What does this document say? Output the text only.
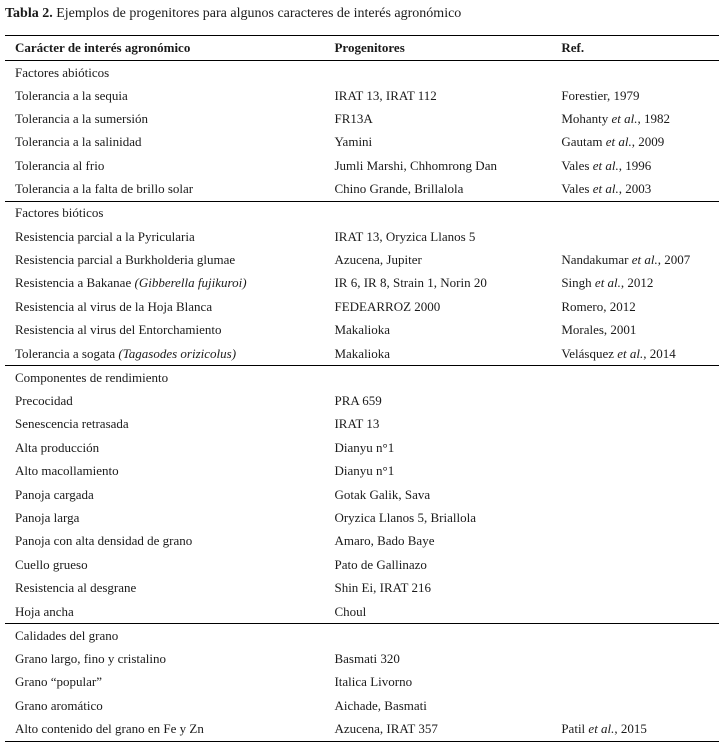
Tabla 2. Ejemplos de progenitores para algunos caracteres de interés agronómico
Carácter de interés agronómico	Progenitores	Ref.
Factores abióticos		
Tolerancia a la sequia	IRAT 13, IRAT 112	Forestier, 1979
Tolerancia a la sumersión	FR13A	Mohanty et al., 1982
Tolerancia a la salinidad	Yamini	Gautam et al., 2009
Tolerancia al frio	Jumli Marshi, Chhomrong Dan	Vales et al., 1996
Tolerancia a la falta de brillo solar	Chino Grande, Brillalola	Vales et al., 2003
Factores bióticos		
Resistencia parcial a la Pyricularia	IRAT 13, Oryzica Llanos 5	
Resistencia parcial a Burkholderia glumae	Azucena, Jupiter	Nandakumar et al., 2007
Resistencia a Bakanae (Gibberella fujikuroi)	IR 6, IR 8, Strain 1, Norin 20	Singh et al., 2012
Resistencia al virus de la Hoja Blanca	FEDEARROZ 2000	Romero, 2012
Resistencia al virus del Entorchamiento	Makalioka	Morales, 2001
Tolerancia a sogata (Tagasodes orizicolus)	Makalioka	Velásquez et al., 2014
Componentes de rendimiento		
Precocidad	PRA 659	
Senescencia retrasada	IRAT 13	
Alta producción	Dianyu n°1	
Alto macollamiento	Dianyu n°1	
Panoja cargada	Gotak Galik, Sava	
Panoja larga	Oryzica Llanos 5, Briallola	
Panoja con alta densidad de grano	Amaro, Bado Baye	
Cuello grueso	Pato de Gallinazo	
Resistencia al desgrane	Shin Ei, IRAT 216	
Hoja ancha	Choul	
Calidades del grano		
Grano largo, fino y cristalino	Basmati 320	
Grano “popular”	Italica Livorno	
Grano aromático	Aichade, Basmati	
Alto contenido del grano en Fe y Zn	Azucena, IRAT 357	Patil et al., 2015
